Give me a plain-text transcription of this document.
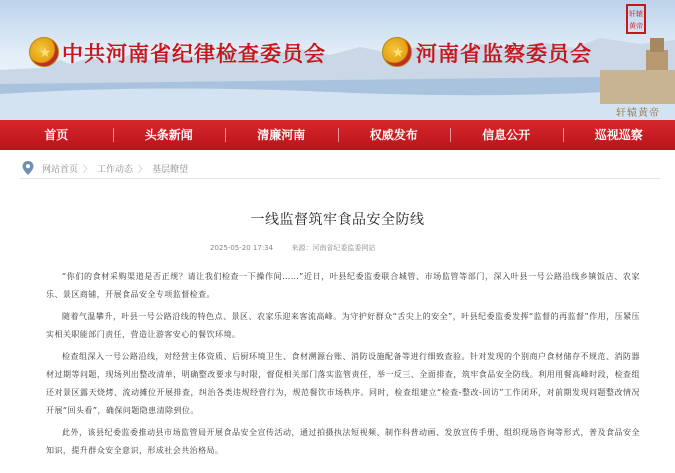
★
中共河南省纪律检查委员会
★	河南省监察委员会
轩辕黄帝
轩辕黄帝
首页	头条新闻	清廉河南	权威发布	信息公开	巡视巡察
网站首页 〉 工作动态 〉 基层瞭望
一线监督筑牢食品安全防线
2025-05-20 17:34	来源：河南省纪委监委网站

“你们的食材采购渠道是否正规？请让我们检查一下操作间……”近日，叶县纪委监委联合城管、市场监管等部门，深入叶县一号公路沿线乡镇饭店、农家乐、景区商铺，开展食品安全专项监督检查。

随着气温攀升，叶县一号公路沿线的特色点、景区、农家乐迎来客流高峰。为守护好群众“舌尖上的安全”，叶县纪委监委发挥“监督的再监督”作用，压紧压实相关职能部门责任，营造让游客安心的餐饮环境。

检查组深入一号公路沿线，对经营主体资质、后厨环境卫生、食材溯源台账、消防设施配备等进行细致查验。针对发现的个别商户食材储存不规范、消防器材过期等问题，现场列出整改清单，明确整改要求与时限，督促相关部门落实监管责任，举一反三、全面排查，筑牢食品安全防线。利用用餐高峰时段，检查组还对景区露天烧烤、流动摊位开展排查，纠治各类违规经营行为，规范餐饮市场秩序。同时，检查组建立“检查-整改-回访”工作闭环，对前期发现问题整改情况开展“回头看”，确保问题隐患清除到位。

此外，该县纪委监委推动县市场监管局开展食品安全宣传活动，通过拍摄执法短视频、制作科普动画、发放宣传手册、组织现场咨询等形式，普及食品安全知识，提升群众安全意识，形成社会共治格局。
